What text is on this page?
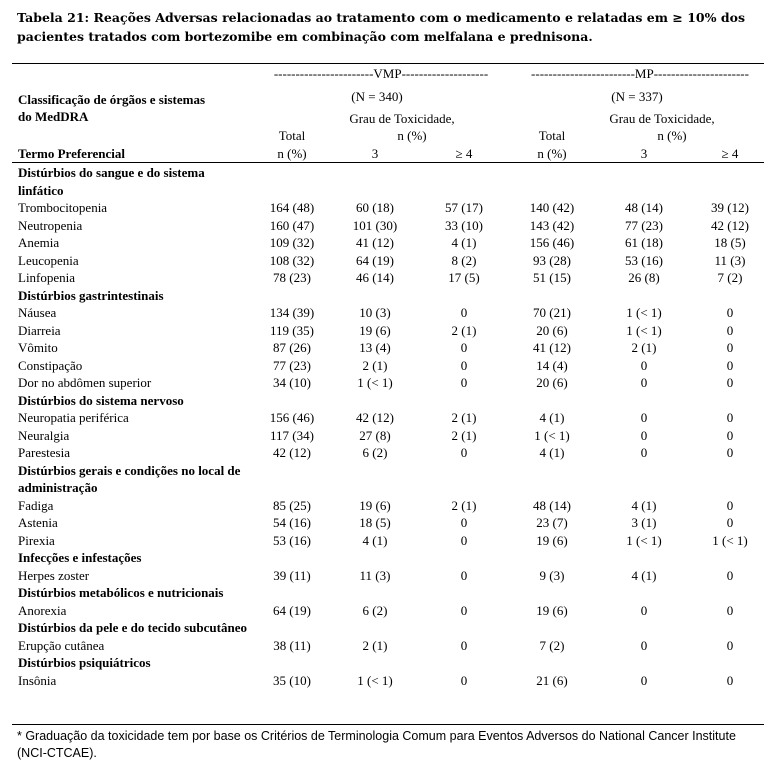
Tabela 21: Reações Adversas relacionadas ao tratamento com o medicamento e relatadas em ≥ 10% dos pacientes tratados com bortezomibe em combinação com melfalana e prednisona.
-----------------------VMP--------------------	------------------------MP----------------------
Classificação de órgãos e sistemas
do MedDRA
(N = 340)	(N = 337)
Grau de Toxicidade,
n (%)
Grau de Toxicidade,
n (%)
Total	Total
Termo Preferencial	n (%)	3	≥ 4	n (%)	3	≥ 4
Distúrbios do sangue e do sistema linfático
Trombocitopenia	164 (48)	60 (18)	57 (17)	140 (42)	48 (14)	39 (12)
Neutropenia	160 (47)	101 (30)	33 (10)	143 (42)	77 (23)	42 (12)
Anemia	109 (32)	41 (12)	4 (1)	156 (46)	61 (18)	18 (5)
Leucopenia	108 (32)	64 (19)	8 (2)	93 (28)	53 (16)	11 (3)
Linfopenia	78 (23)	46 (14)	17 (5)	51 (15)	26 (8)	7 (2)
Distúrbios gastrintestinais
Náusea	134 (39)	10 (3)	0	70 (21)	1 (< 1)	0
Diarreia	119 (35)	19 (6)	2 (1)	20 (6)	1 (< 1)	0
Vômito	87 (26)	13 (4)	0	41 (12)	2 (1)	0
Constipação	77 (23)	2 (1)	0	14 (4)	0	0
Dor no abdômen superior	34 (10)	1 (< 1)	0	20 (6)	0	0
Distúrbios do sistema nervoso
Neuropatia periférica	156 (46)	42 (12)	2 (1)	4 (1)	0	0
Neuralgia	117 (34)	27 (8)	2 (1)	1 (< 1)	0	0
Parestesia	42 (12)	6 (2)	0	4 (1)	0	0
Distúrbios gerais e condições no local de administração
Fadiga	85 (25)	19 (6)	2 (1)	48 (14)	4 (1)	0
Astenia	54 (16)	18 (5)	0	23 (7)	3 (1)	0
Pirexia	53 (16)	4 (1)	0	19 (6)	1 (< 1)	1 (< 1)
Infecções e infestações
Herpes zoster	39 (11)	11 (3)	0	9 (3)	4 (1)	0
Distúrbios metabólicos e nutricionais
Anorexia	64 (19)	6 (2)	0	19 (6)	0	0
Distúrbios da pele e do tecido subcutâneo
Erupção cutânea	38 (11)	2 (1)	0	7 (2)	0	0
Distúrbios psiquiátricos
Insônia	35 (10)	1 (< 1)	0	21 (6)	0	0
* Graduação da toxicidade tem por base os Critérios de Terminologia Comum para Eventos Adversos do National Cancer Institute (NCI-CTCAE).
